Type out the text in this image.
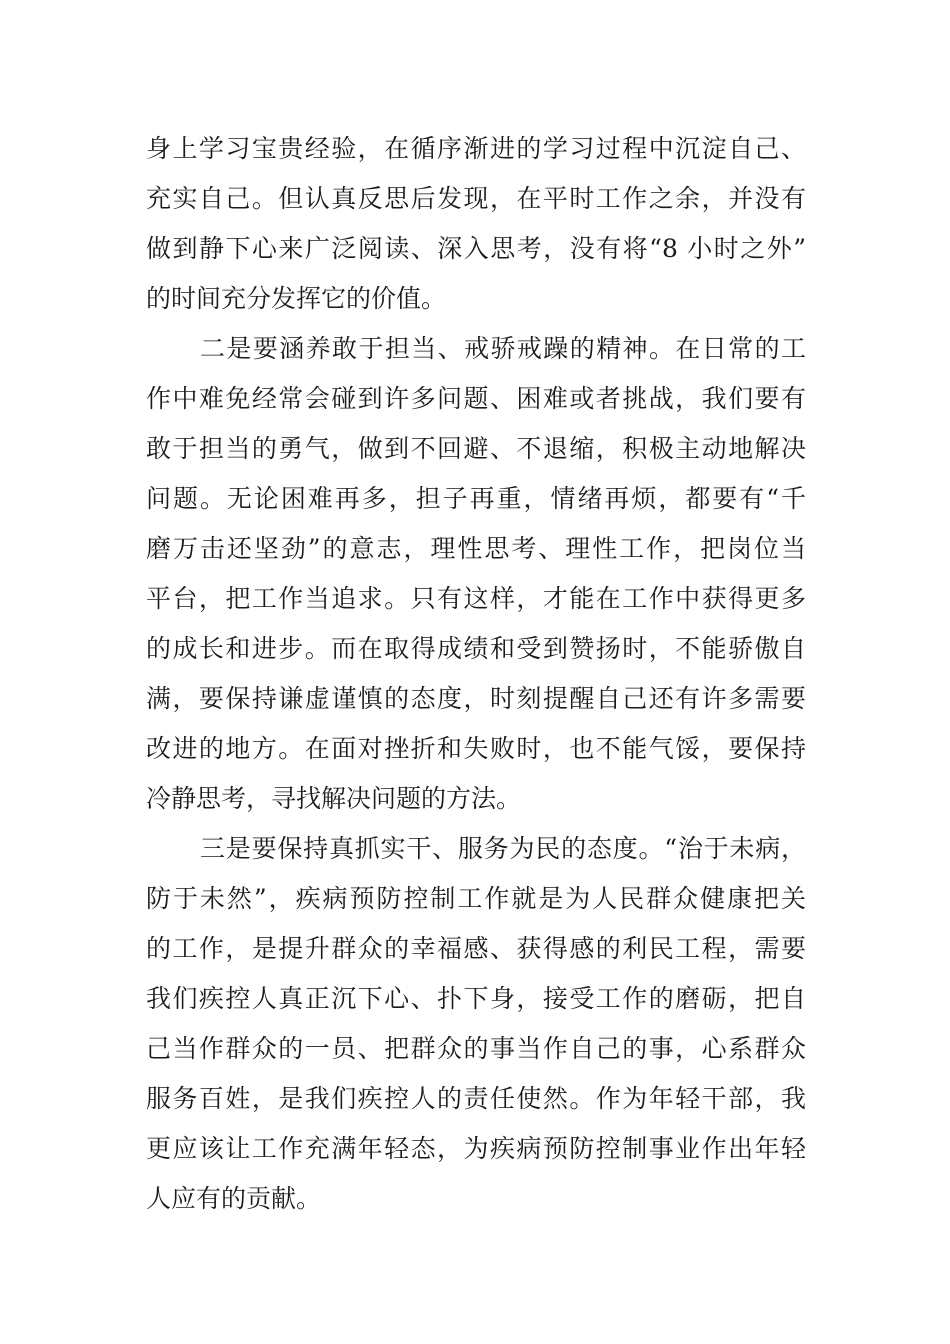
身上学习宝贵经验，在循序渐进的学习过程中沉淀自己、
充实自己。但认真反思后发现，在平时工作之余，并没有
做到静下心来广泛阅读、深入思考，没有将“8 小时之外”
的时间充分发挥它的价值。
二是要涵养敢于担当、戒骄戒躁的精神。在日常的工
作中难免经常会碰到许多问题、困难或者挑战，我们要有
敢于担当的勇气，做到不回避、不退缩，积极主动地解决
问题。无论困难再多，担子再重，情绪再烦，都要有“千
磨万击还坚劲”的意志，理性思考、理性工作，把岗位当
平台，把工作当追求。只有这样，才能在工作中获得更多
的成长和进步。而在取得成绩和受到赞扬时，不能骄傲自
满，要保持谦虚谨慎的态度，时刻提醒自己还有许多需要
改进的地方。在面对挫折和失败时，也不能气馁，要保持
冷静思考，寻找解决问题的方法。
三是要保持真抓实干、服务为民的态度。“治于未病，
防于未然”，疾病预防控制工作就是为人民群众健康把关
的工作，是提升群众的幸福感、获得感的利民工程，需要
我们疾控人真正沉下心、扑下身，接受工作的磨砺，把自
己当作群众的一员、把群众的事当作自己的事，心系群众
服务百姓，是我们疾控人的责任使然。作为年轻干部，我
更应该让工作充满年轻态，为疾病预防控制事业作出年轻
人应有的贡献。
